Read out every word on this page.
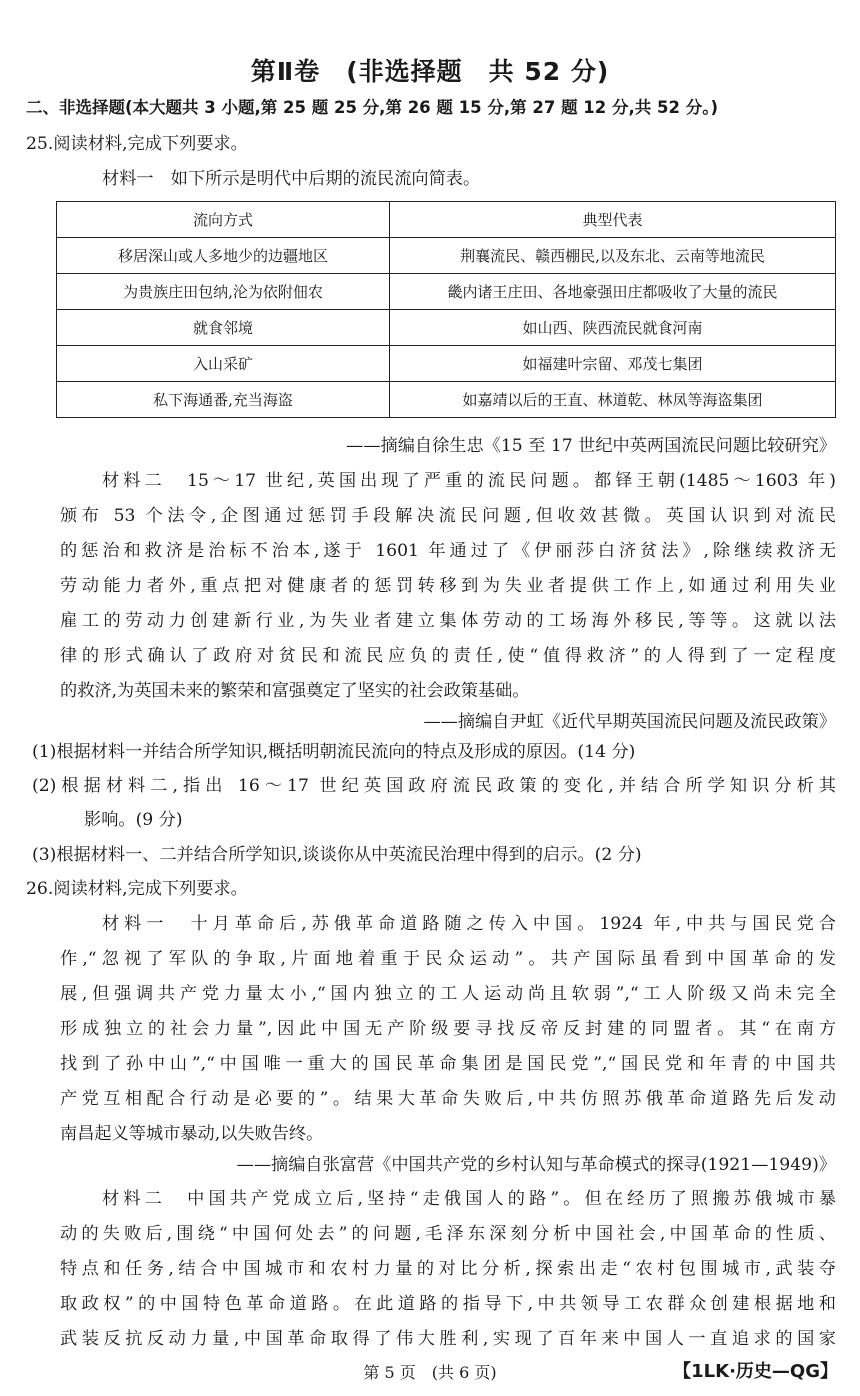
第Ⅱ卷　(非选择题　共 52 分)
二、非选择题(本大题共 3 小题,第 25 题 25 分,第 26 题 15 分,第 27 题 12 分,共 52 分。)
25.阅读材料,完成下列要求。
材料一　如下所示是明代中后期的流民流向简表。
流向方式	典型代表
移居深山或人多地少的边疆地区	荆襄流民、赣西棚民,以及东北、云南等地流民
为贵族庄田包纳,沦为依附佃农	畿内诸王庄田、各地豪强田庄都吸收了大量的流民
就食邻境	如山西、陕西流民就食河南
入山采矿	如福建叶宗留、邓茂七集团
私下海通番,充当海盗	如嘉靖以后的王直、林道乾、林凤等海盗集团
——摘编自徐生忠《15 至 17 世纪中英两国流民问题比较研究》
材料二　15～17 世纪,英国出现了严重的流民问题。都铎王朝(1485～1603 年)
颁布 53 个法令,企图通过惩罚手段解决流民问题,但收效甚微。英国认识到对流民
的惩治和救济是治标不治本,遂于 1601 年通过了《伊丽莎白济贫法》,除继续救济无
劳动能力者外,重点把对健康者的惩罚转移到为失业者提供工作上,如通过利用失业
雇工的劳动力创建新行业,为失业者建立集体劳动的工场海外移民,等等。这就以法
律的形式确认了政府对贫民和流民应负的责任,使“值得救济”的人得到了一定程度
的救济,为英国未来的繁荣和富强奠定了坚实的社会政策基础。
——摘编自尹虹《近代早期英国流民问题及流民政策》
(1)根据材料一并结合所学知识,概括明朝流民流向的特点及形成的原因。(14 分)
(2)根据材料二,指出 16～17 世纪英国政府流民政策的变化,并结合所学知识分析其
影响。(9 分)
(3)根据材料一、二并结合所学知识,谈谈你从中英流民治理中得到的启示。(2 分)
26.阅读材料,完成下列要求。
材料一　十月革命后,苏俄革命道路随之传入中国。1924 年,中共与国民党合
作,“忽视了军队的争取,片面地着重于民众运动”。共产国际虽看到中国革命的发
展,但强调共产党力量太小,“国内独立的工人运动尚且软弱”,“工人阶级又尚未完全
形成独立的社会力量”,因此中国无产阶级要寻找反帝反封建的同盟者。其“在南方
找到了孙中山”,“中国唯一重大的国民革命集团是国民党”,“国民党和年青的中国共
产党互相配合行动是必要的”。结果大革命失败后,中共仿照苏俄革命道路先后发动
南昌起义等城市暴动,以失败告终。
——摘编自张富营《中国共产党的乡村认知与革命模式的探寻(1921—1949)》
材料二　中国共产党成立后,坚持“走俄国人的路”。但在经历了照搬苏俄城市暴
动的失败后,围绕“中国何处去”的问题,毛泽东深刻分析中国社会,中国革命的性质、
特点和任务,结合中国城市和农村力量的对比分析,探索出走“农村包围城市,武装夺
取政权”的中国特色革命道路。在此道路的指导下,中共领导工农群众创建根据地和
武装反抗反动力量,中国革命取得了伟大胜利,实现了百年来中国人一直追求的国家
第 5 页　(共 6 页)	【1LK·历史—QG】
